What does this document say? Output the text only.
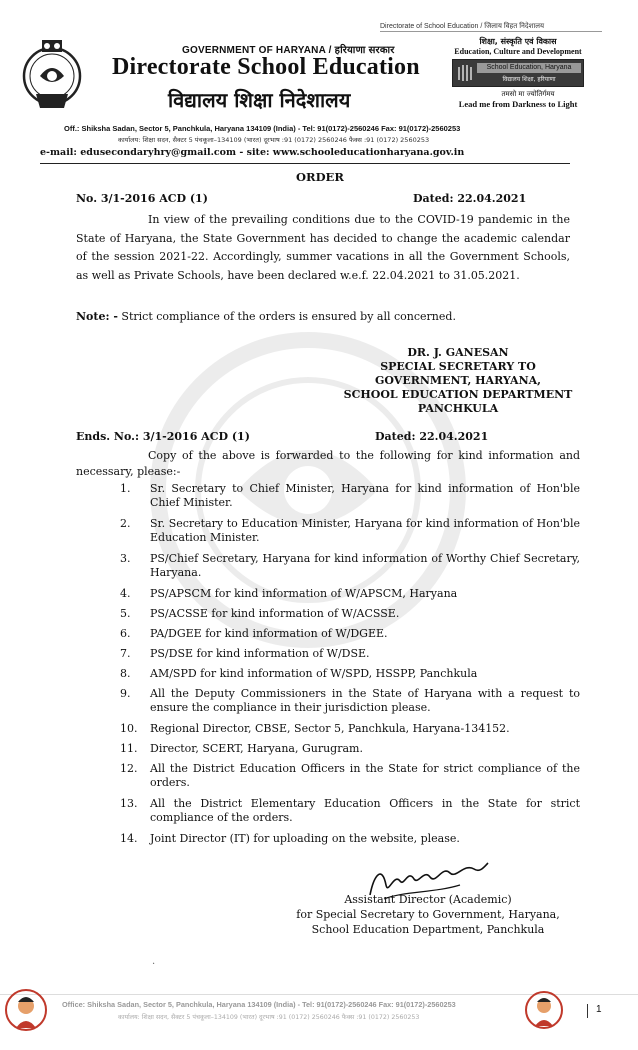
Directorate of School Education / जिलाय विहत निदेशालय
GOVERNMENT OF HARYANA / हरियाणा सरकार
Directorate School Education
विद्यालय शिक्षा निदेशालय
शिक्षा, संस्कृति एवं विकास
Education, Culture and Development
School Education, Haryana
विद्यालय शिक्षा, हरियाणा
तमसो मा ज्योतिर्गमय
Lead me from Darkness to Light
Off.: Shiksha Sadan, Sector 5, Panchkula, Haryana 134109 (India) - Tel: 91(0172)-2560246 Fax: 91(0172)-2560253
कार्यालय: शिक्षा सदन, सैक्टर 5 पंचकूला–134109 (भारत) दूरभाष :91 (0172) 2560246 फैक्स :91 (0172) 2560253
e-mail: edusecondaryhry@gmail.com - site: www.schooleducationharyana.gov.in
ORDER
No. 3/1-2016 ACD (1)	Dated: 22.04.2021
In view of the prevailing conditions due to the COVID-19 pandemic in the State of Haryana, the State Government has decided to change the academic calendar of the session 2021-22. Accordingly, summer vacations in all the Government Schools, as well as Private Schools, have been declared w.e.f. 22.04.2021 to 31.05.2021.
Note: - Strict compliance of the orders is ensured by all concerned.
DR. J. GANESAN
SPECIAL SECRETARY TO
GOVERNMENT, HARYANA,
SCHOOL EDUCATION DEPARTMENT
PANCHKULA
Ends. No.: 3/1-2016 ACD (1)	Dated: 22.04.2021
Copy of the above is forwarded to the following for kind information and necessary, please:-
1.	Sr. Secretary to Chief Minister, Haryana for kind information of Hon'ble Chief Minister.
2.	Sr. Secretary to Education Minister, Haryana for kind information of Hon'ble Education Minister.
3.	PS/Chief Secretary, Haryana for kind information of Worthy Chief Secretary, Haryana.
4.	PS/APSCM for kind information of W/APSCM, Haryana
5.	PS/ACSSE for kind information of W/ACSSE.
6.	PA/DGEE for kind information of W/DGEE.
7.	PS/DSE for kind information of W/DSE.
8.	AM/SPD for kind information of W/SPD, HSSPP, Panchkula
9.	All the Deputy Commissioners in the State of Haryana with a request to ensure the compliance in their jurisdiction please.
10.	Regional Director, CBSE, Sector 5, Panchkula, Haryana-134152.
11.	Director, SCERT, Haryana, Gurugram.
12.	All the District Education Officers in the State for strict compliance of the orders.
13.	All the District Elementary Education Officers in the State for strict compliance of the orders.
14.	Joint Director (IT) for uploading on the website, please.
Assistant Director (Academic)
for Special Secretary to Government, Haryana,
School Education Department, Panchkula
.
Office: Shiksha Sadan, Sector 5, Panchkula, Haryana 134109 (India) - Tel: 91(0172)-2560246 Fax: 91(0172)-2560253
कार्यालय: शिक्षा सदन, सैक्टर 5 पंचकूला–134109 (भारत) दूरभाष :91 (0172) 2560246 फैक्स :91 (0172) 2560253
1
